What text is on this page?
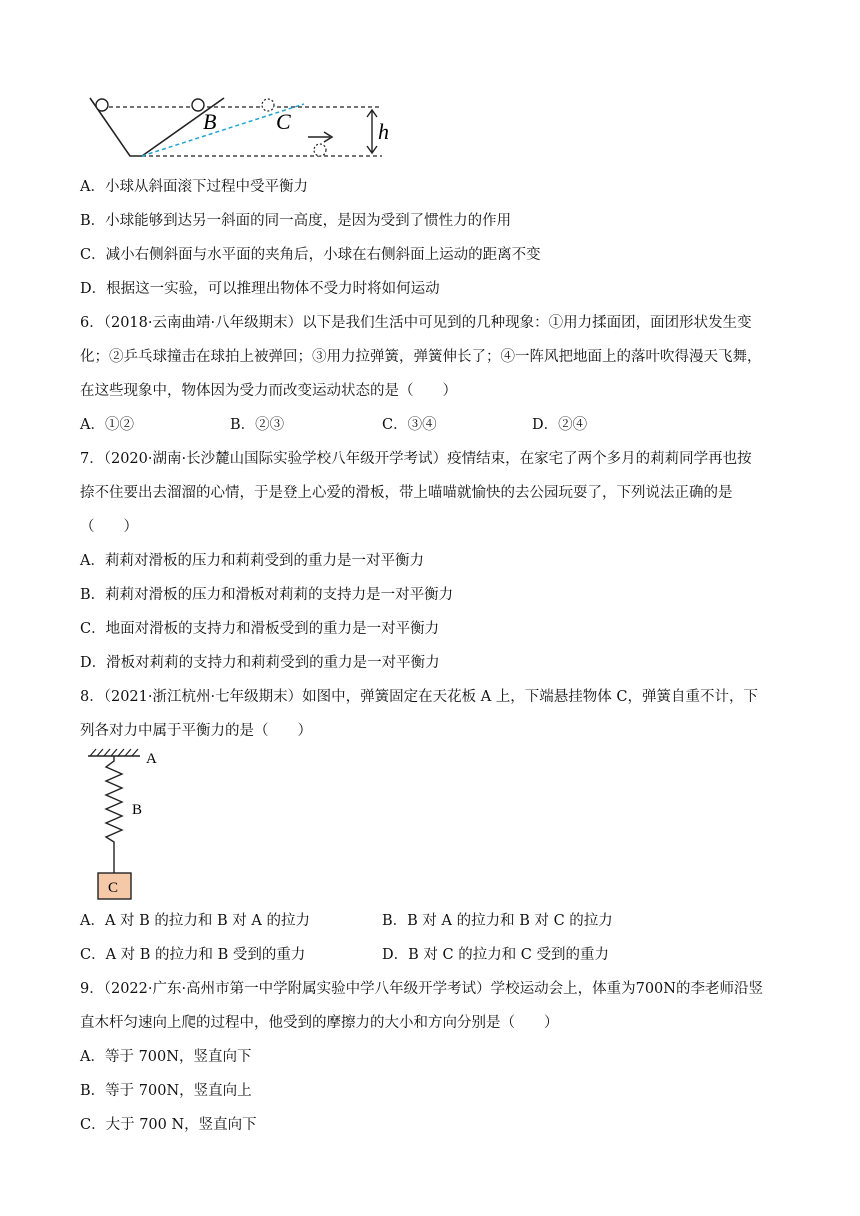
B	C	h
A．小球从斜面滚下过程中受平衡力
B．小球能够到达另一斜面的同一高度，是因为受到了惯性力的作用
C．减小右侧斜面与水平面的夹角后，小球在右侧斜面上运动的距离不变
D．根据这一实验，可以推理出物体不受力时将如何运动
6．（2018·云南曲靖·八年级期末）以下是我们生活中可见到的几种现象：①用力揉面团，面团形状发生变
化；②乒乓球撞击在球拍上被弹回；③用力拉弹簧，弹簧伸长了；④一阵风把地面上的落叶吹得漫天飞舞，
在这些现象中，物体因为受力而改变运动状态的是（　　）
A．①②	B．②③	C．③④	D．②④
7．（2020·湖南·长沙麓山国际实验学校八年级开学考试）疫情结束，在家宅了两个多月的莉莉同学再也按
捺不住要出去溜溜的心情，于是登上心爱的滑板，带上喵喵就愉快的去公园玩耍了，下列说法正确的是
（　　）
A．莉莉对滑板的压力和莉莉受到的重力是一对平衡力
B．莉莉对滑板的压力和滑板对莉莉的支持力是一对平衡力
C．地面对滑板的支持力和滑板受到的重力是一对平衡力
D．滑板对莉莉的支持力和莉莉受到的重力是一对平衡力
8．（2021·浙江杭州·七年级期末）如图中，弹簧固定在天花板 A 上，下端悬挂物体 C，弹簧自重不计，下
列各对力中属于平衡力的是（　　）
A
B
C
A．A 对 B 的拉力和 B 对 A 的拉力	B．B 对 A 的拉力和 B 对 C 的拉力
C．A 对 B 的拉力和 B 受到的重力	D．B 对 C 的拉力和 C 受到的重力
9．（2022·广东·高州市第一中学附属实验中学八年级开学考试）学校运动会上，体重为700N的李老师沿竖
直木杆匀速向上爬的过程中，他受到的摩擦力的大小和方向分别是（　　）
A．等于 700N，竖直向下
B．等于 700N，竖直向上
C．大于 700 N，竖直向下
